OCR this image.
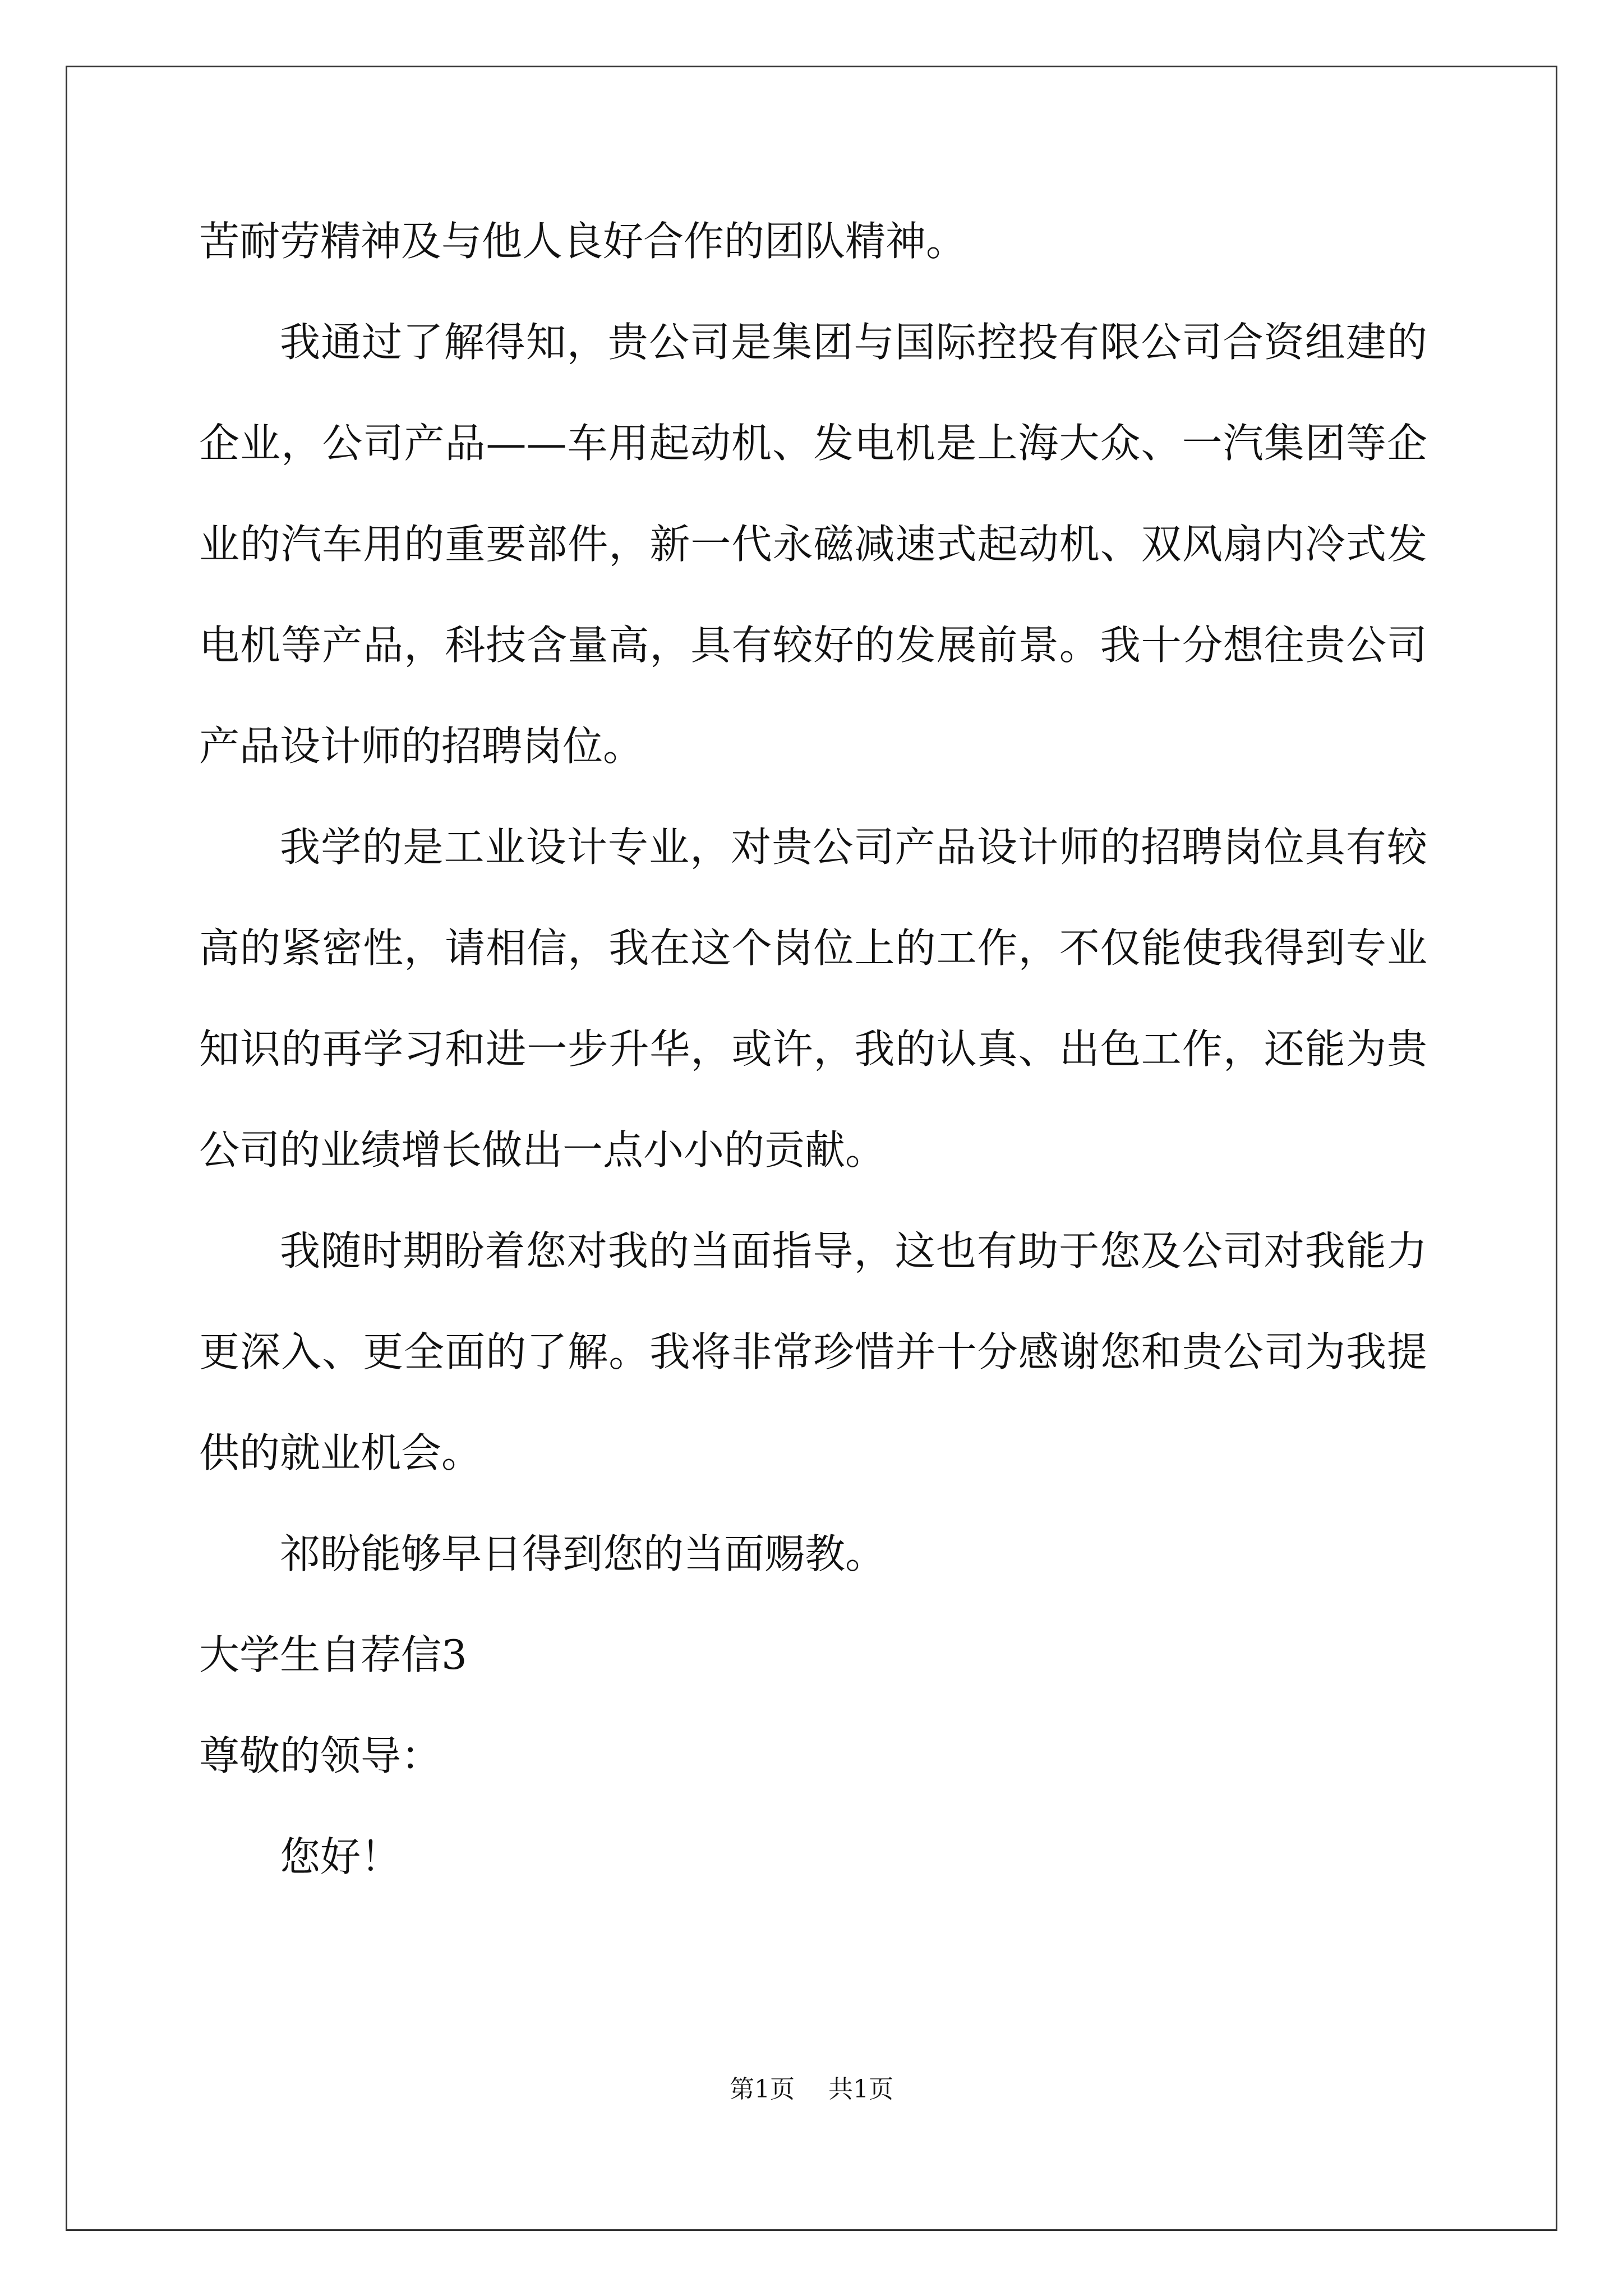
苦耐劳精神及与他人良好合作的团队精神。

我通过了解得知，贵公司是集团与国际控投有限公司合资组建的企业，公司产品——车用起动机、发电机是上海大众、一汽集团等企业的汽车用的重要部件，新一代永磁减速式起动机、双风扇内冷式发电机等产品，科技含量高，具有较好的发展前景。我十分想往贵公司产品设计师的招聘岗位。

我学的是工业设计专业，对贵公司产品设计师的招聘岗位具有较高的紧密性，请相信，我在这个岗位上的工作，不仅能使我得到专业知识的再学习和进一步升华，或许，我的认真、出色工作，还能为贵公司的业绩增长做出一点小小的贡献。

我随时期盼着您对我的当面指导，这也有助于您及公司对我能力更深入、更全面的了解。我将非常珍惜并十分感谢您和贵公司为我提供的就业机会。

祁盼能够早日得到您的当面赐教。

大学生自荐信3

尊敬的领导：

您好！

第1页 共1页
